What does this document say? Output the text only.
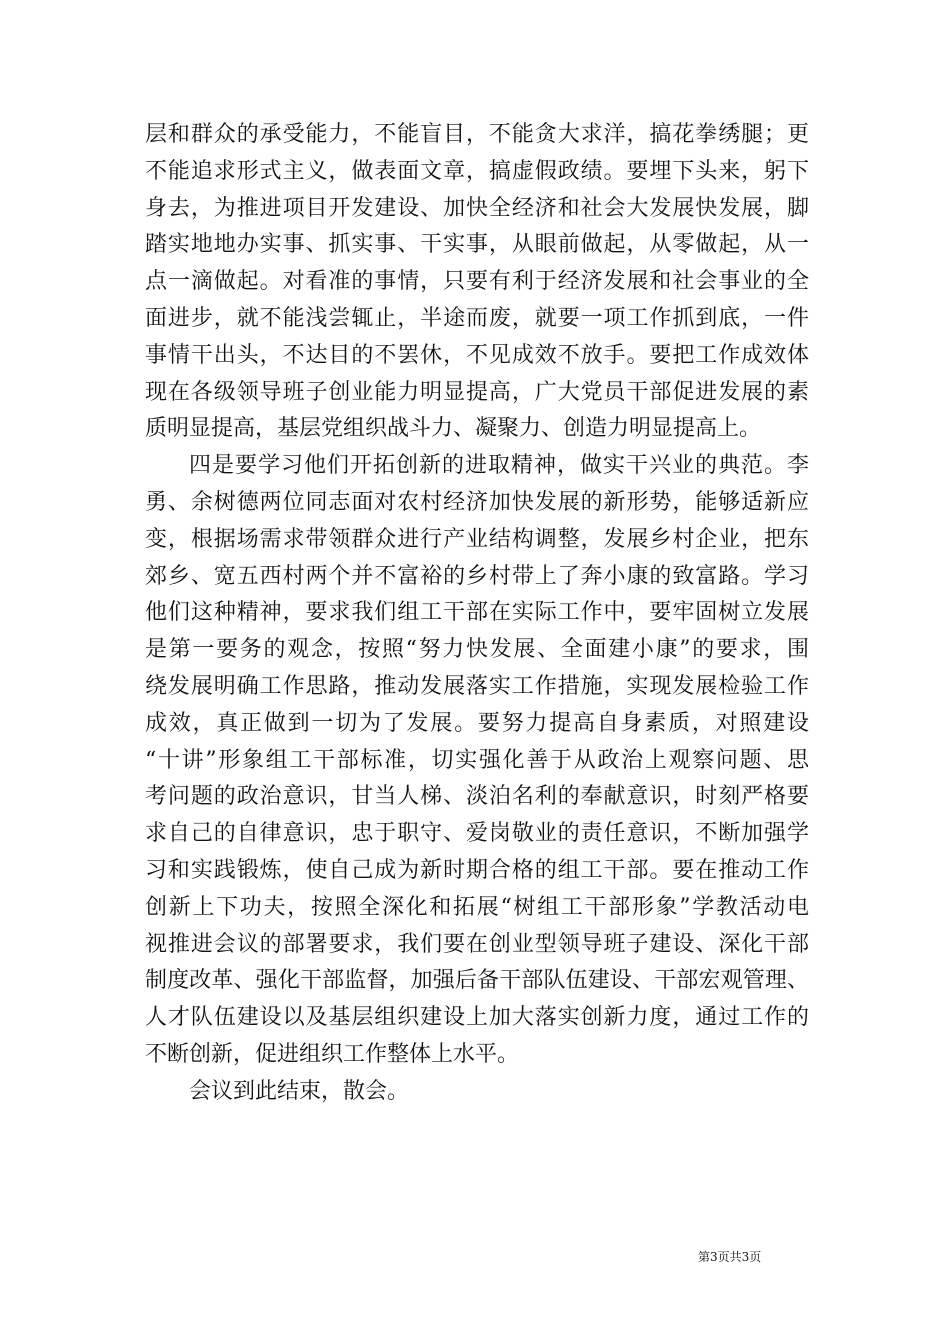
层和群众的承受能力，不能盲目，不能贪大求洋，搞花拳绣腿；更
不能追求形式主义，做表面文章，搞虚假政绩。要埋下头来，躬下
身去，为推进项目开发建设、加快全经济和社会大发展快发展，脚
踏实地地办实事、抓实事、干实事，从眼前做起，从零做起，从一
点一滴做起。对看准的事情，只要有利于经济发展和社会事业的全
面进步，就不能浅尝辄止，半途而废，就要一项工作抓到底，一件
事情干出头，不达目的不罢休，不见成效不放手。要把工作成效体
现在各级领导班子创业能力明显提高，广大党员干部促进发展的素
质明显提高，基层党组织战斗力、凝聚力、创造力明显提高上。
四是要学习他们开拓创新的进取精神，做实干兴业的典范。李
勇、余树德两位同志面对农村经济加快发展的新形势，能够适新应
变，根据场需求带领群众进行产业结构调整，发展乡村企业，把东
郊乡、宽五西村两个并不富裕的乡村带上了奔小康的致富路。学习
他们这种精神，要求我们组工干部在实际工作中，要牢固树立发展
是第一要务的观念，按照“努力快发展、全面建小康”的要求，围
绕发展明确工作思路，推动发展落实工作措施，实现发展检验工作
成效，真正做到一切为了发展。要努力提高自身素质，对照建设
“十讲”形象组工干部标准，切实强化善于从政治上观察问题、思
考问题的政治意识，甘当人梯、淡泊名利的奉献意识，时刻严格要
求自己的自律意识，忠于职守、爱岗敬业的责任意识，不断加强学
习和实践锻炼，使自己成为新时期合格的组工干部。要在推动工作
创新上下功夫，按照全深化和拓展“树组工干部形象”学教活动电
视推进会议的部署要求，我们要在创业型领导班子建设、深化干部
制度改革、强化干部监督，加强后备干部队伍建设、干部宏观管理、
人才队伍建设以及基层组织建设上加大落实创新力度，通过工作的
不断创新，促进组织工作整体上水平。
会议到此结束，散会。
第3页共3页
